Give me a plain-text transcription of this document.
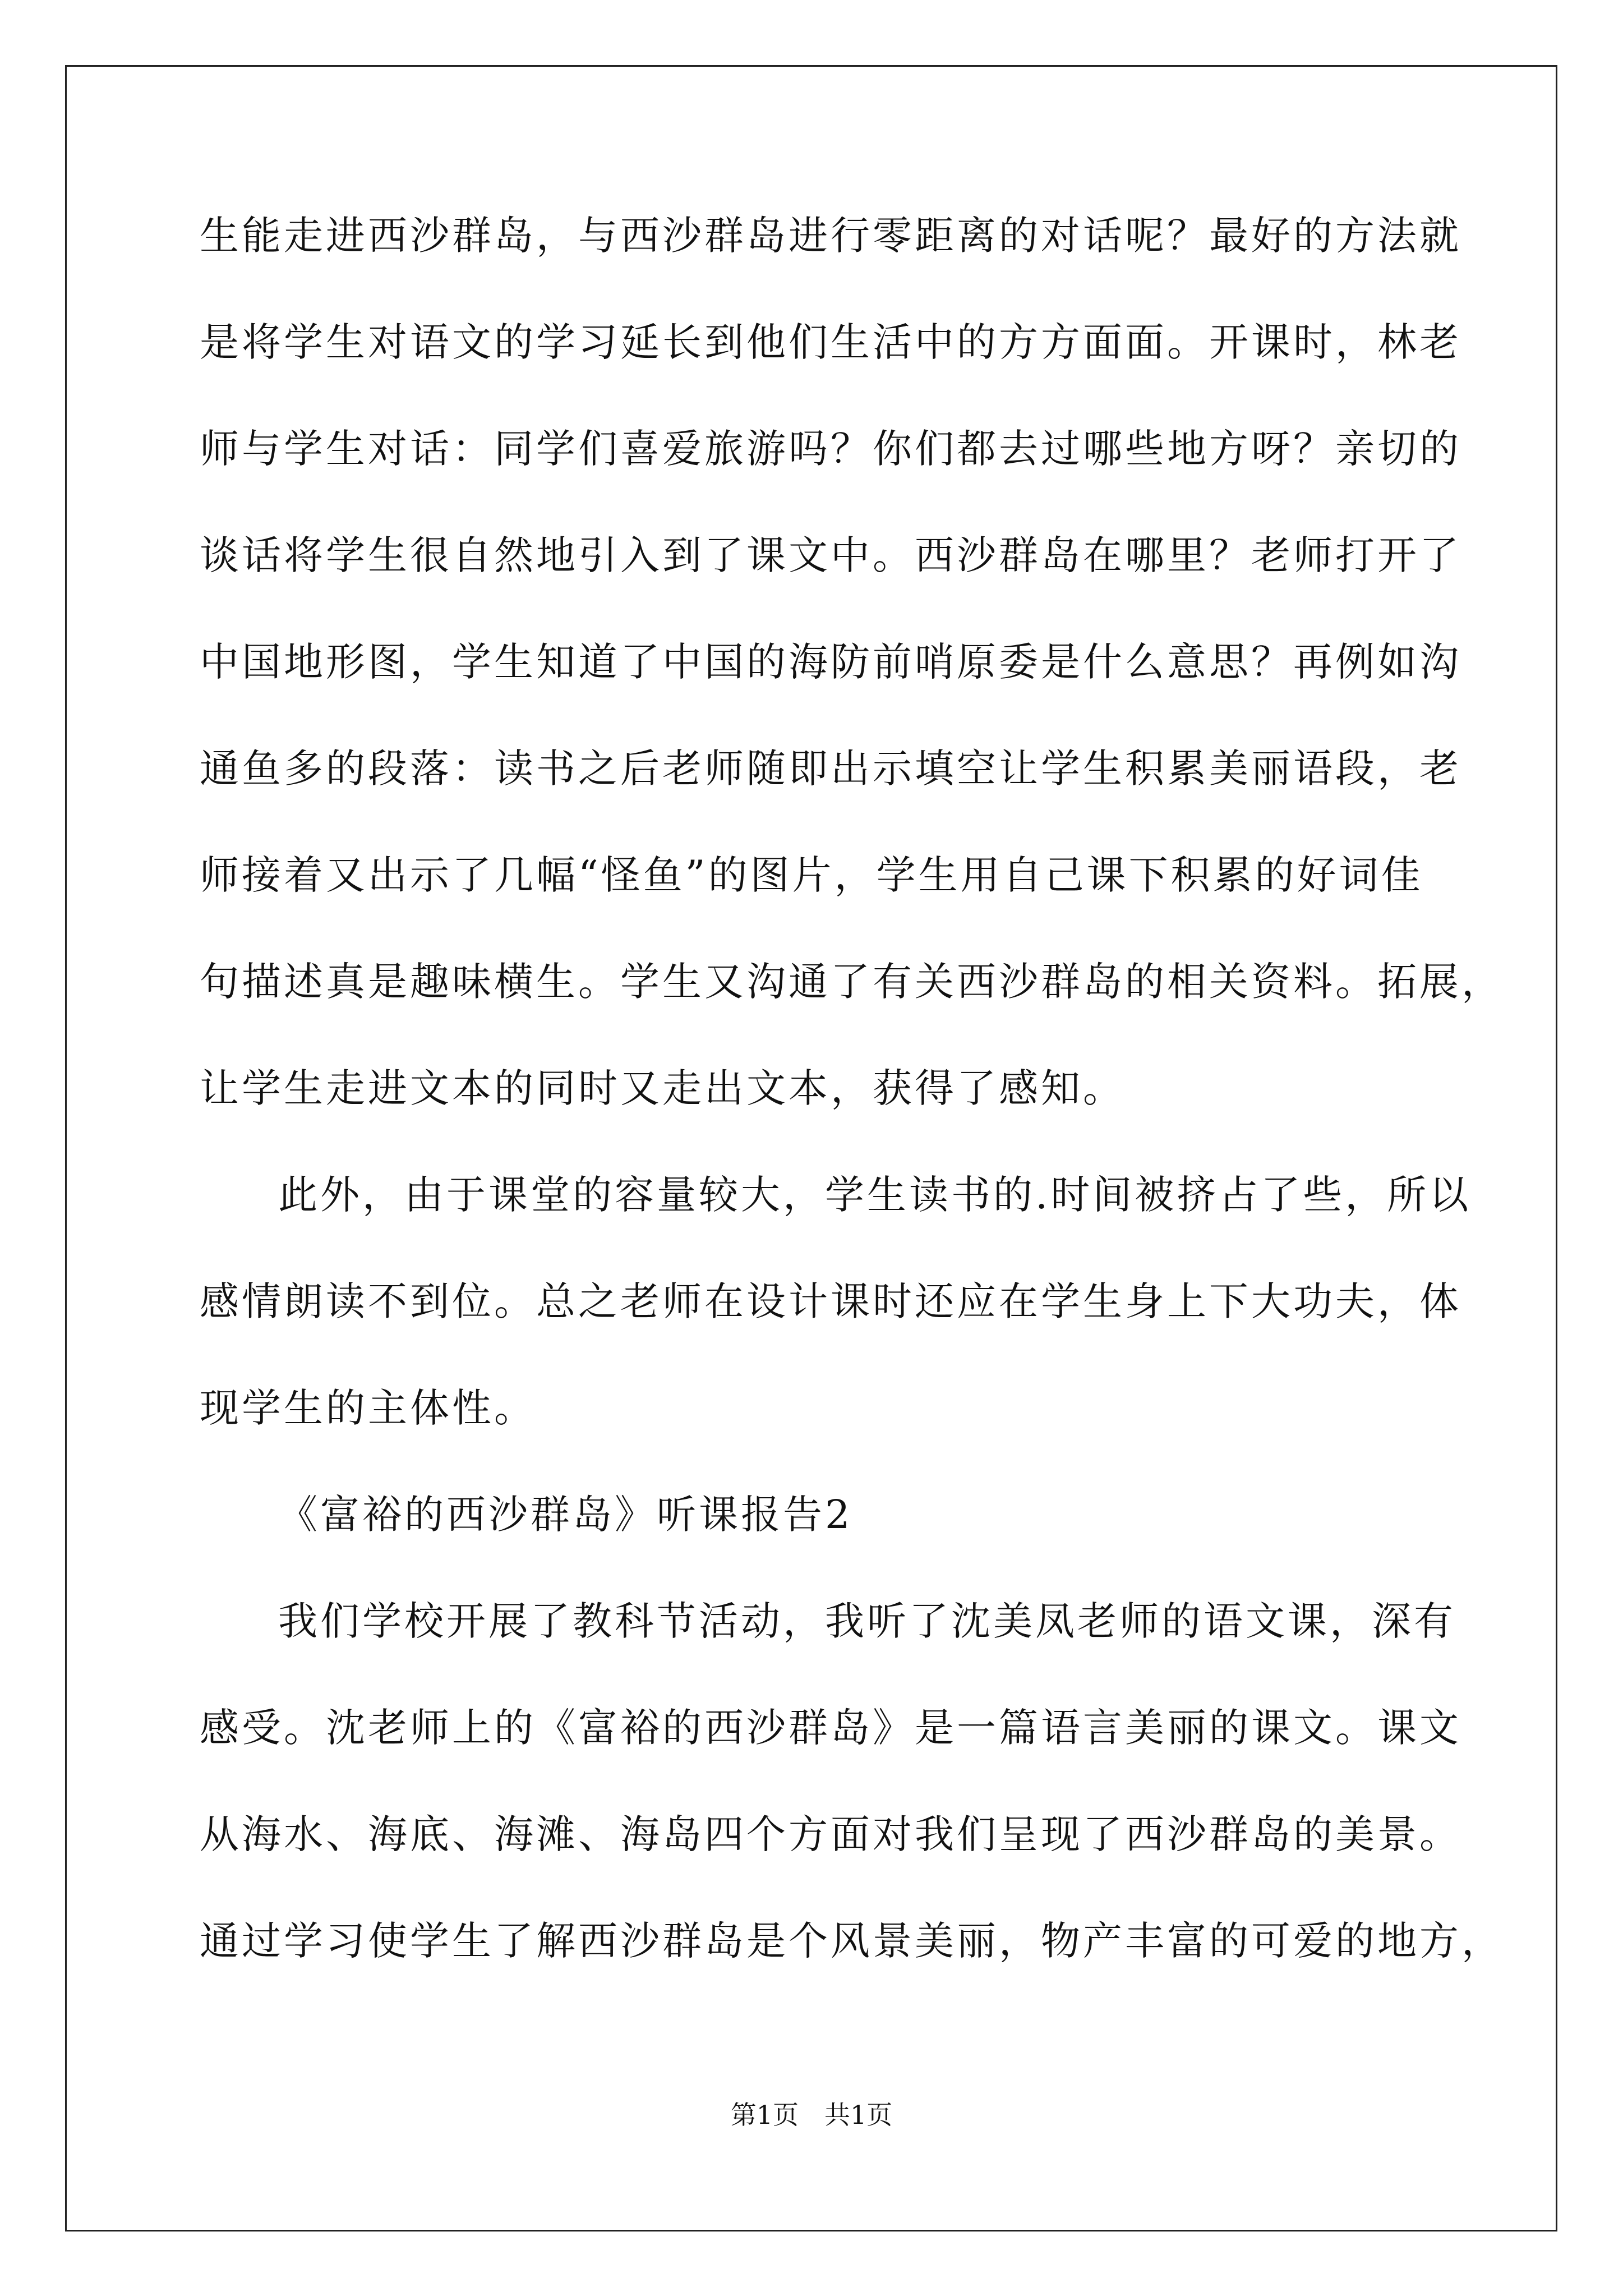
生能走进西沙群岛，与西沙群岛进行零距离的对话呢？最好的方法就
是将学生对语文的学习延长到他们生活中的方方面面。开课时，林老
师与学生对话：同学们喜爱旅游吗？你们都去过哪些地方呀？亲切的
谈话将学生很自然地引入到了课文中。西沙群岛在哪里？老师打开了
中国地形图，学生知道了中国的海防前哨原委是什么意思？再例如沟
通鱼多的段落：读书之后老师随即出示填空让学生积累美丽语段，老
师接着又出示了几幅“怪鱼”的图片，学生用自己课下积累的好词佳
句描述真是趣味横生。学生又沟通了有关西沙群岛的相关资料。拓展，
让学生走进文本的同时又走出文本，获得了感知。
此外，由于课堂的容量较大，学生读书的.时间被挤占了些，所以
感情朗读不到位。总之老师在设计课时还应在学生身上下大功夫，体
现学生的主体性。
《富裕的西沙群岛》听课报告2
我们学校开展了教科节活动，我听了沈美凤老师的语文课，深有
感受。沈老师上的《富裕的西沙群岛》是一篇语言美丽的课文。课文
从海水、海底、海滩、海岛四个方面对我们呈现了西沙群岛的美景。
通过学习使学生了解西沙群岛是个风景美丽，物产丰富的可爱的地方，
第1页　共1页
